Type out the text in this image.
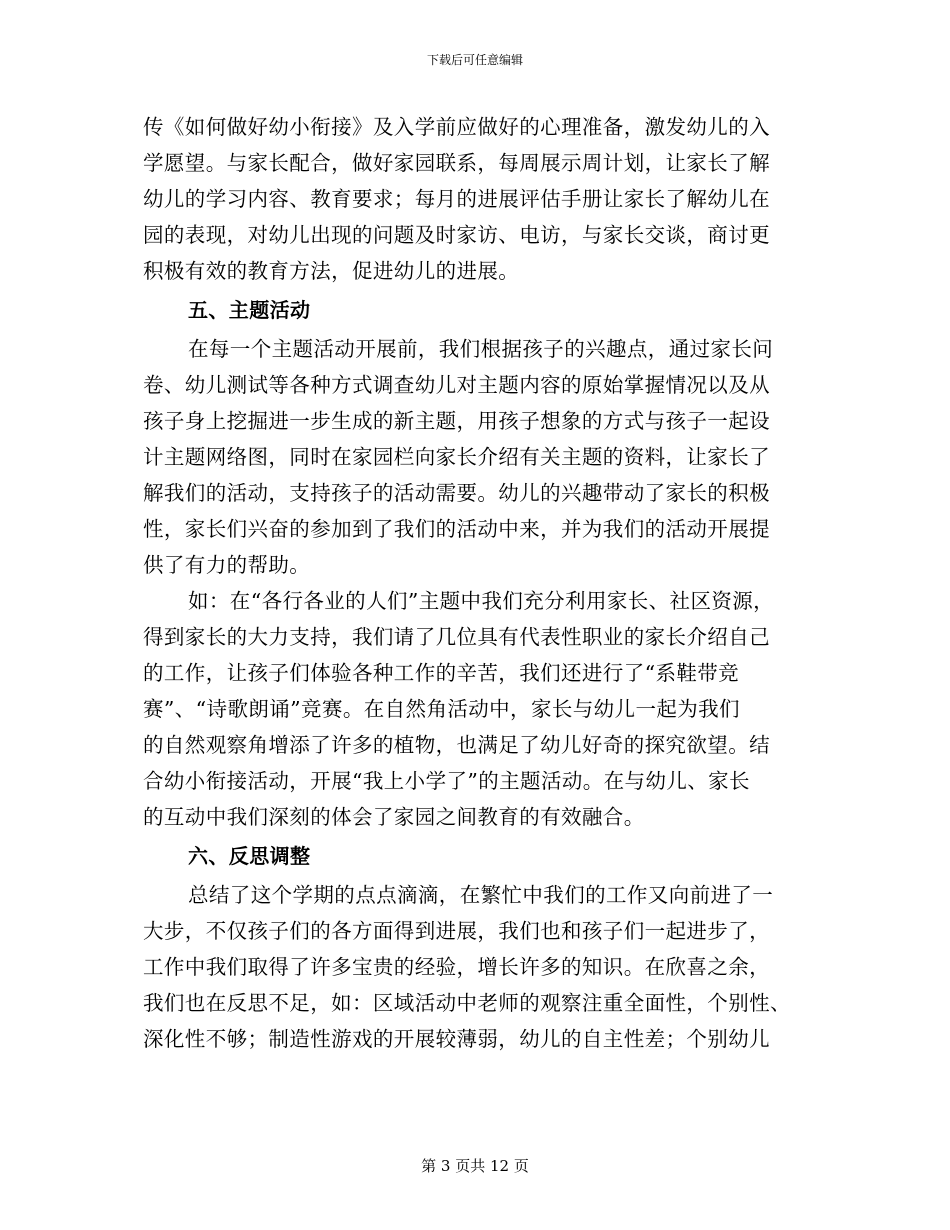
下载后可任意编辑
传《如何做好幼小衔接》及入学前应做好的心理准备，激发幼儿的入
学愿望。与家长配合，做好家园联系，每周展示周计划，让家长了解
幼儿的学习内容、教育要求；每月的进展评估手册让家长了解幼儿在
园的表现，对幼儿出现的问题及时家访、电访，与家长交谈，商讨更
积极有效的教育方法，促进幼儿的进展。
五、主题活动
在每一个主题活动开展前，我们根据孩子的兴趣点，通过家长问
卷、幼儿测试等各种方式调查幼儿对主题内容的原始掌握情况以及从
孩子身上挖掘进一步生成的新主题，用孩子想象的方式与孩子一起设
计主题网络图，同时在家园栏向家长介绍有关主题的资料，让家长了
解我们的活动，支持孩子的活动需要。幼儿的兴趣带动了家长的积极
性，家长们兴奋的参加到了我们的活动中来，并为我们的活动开展提
供了有力的帮助。
如：在“各行各业的人们”主题中我们充分利用家长、社区资源，
得到家长的大力支持，我们请了几位具有代表性职业的家长介绍自己
的工作，让孩子们体验各种工作的辛苦，我们还进行了“系鞋带竞
赛”、“诗歌朗诵”竞赛。在自然角活动中，家长与幼儿一起为我们
的自然观察角增添了许多的植物，也满足了幼儿好奇的探究欲望。结
合幼小衔接活动，开展“我上小学了”的主题活动。在与幼儿、家长
的互动中我们深刻的体会了家园之间教育的有效融合。
六、反思调整
总结了这个学期的点点滴滴，在繁忙中我们的工作又向前进了一
大步，不仅孩子们的各方面得到进展，我们也和孩子们一起进步了，
工作中我们取得了许多宝贵的经验，增长许多的知识。在欣喜之余，
我们也在反思不足，如：区域活动中老师的观察注重全面性，个别性、
深化性不够；制造性游戏的开展较薄弱，幼儿的自主性差；个别幼儿
第 3 页共 12 页
